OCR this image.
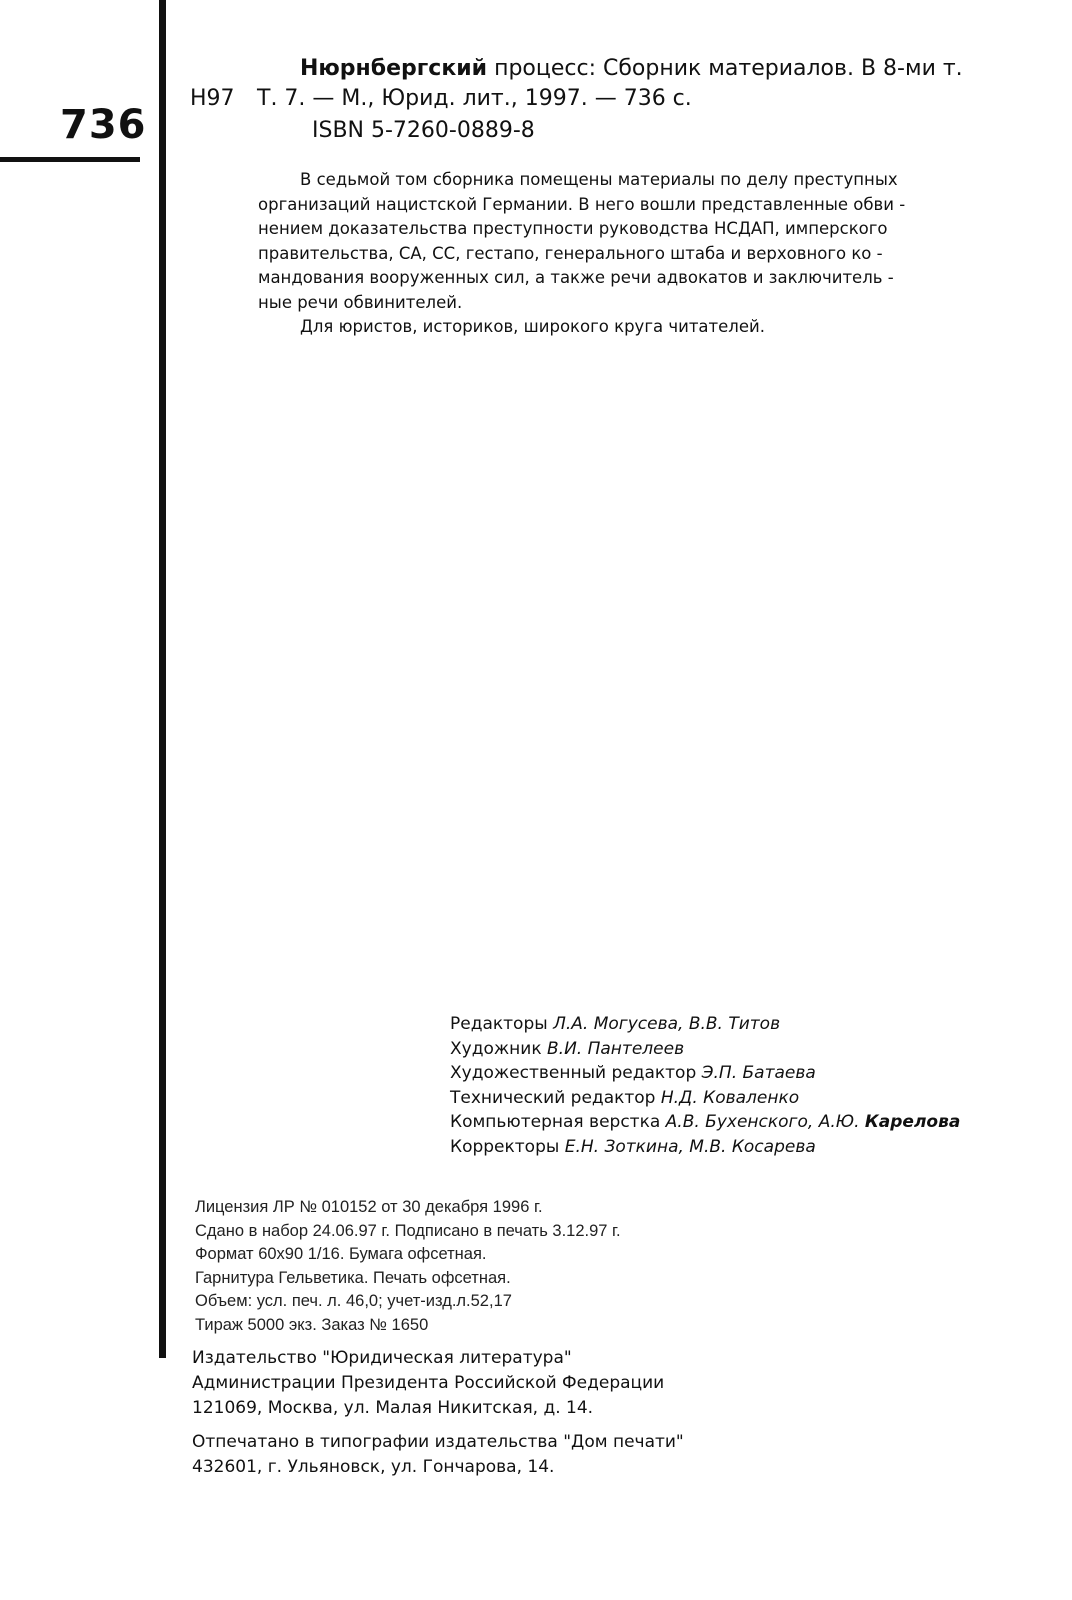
736
Н97
Нюрнбергский процесс: Сборник материалов. В 8-ми т.
Т. 7. — М., Юрид. лит., 1997. — 736 с.
ISBN 5-7260-0889-8
В седьмой том сборника помещены материалы по делу преступных
организаций нацистской Германии. В него вошли представленные обви -
нением доказательства преступности руководства НСДАП, имперского
правительства, СА, СС, гестапо, генерального штаба и верховного ко -
мандования вооруженных сил, а также речи адвокатов и заключитель -
ные речи обвинителей.
Для юристов, историков, широкого круга читателей.
Редакторы Л.А. Могусева, В.В. Титов
Художник В.И. Пантелеев
Художественный редактор Э.П. Батаева
Технический редактор Н.Д. Коваленко
Компьютерная верстка А.В. Бухенского, А.Ю. Карелова
Корректоры Е.Н. Зоткина, М.В. Косарева
Лицензия ЛР № 010152 от 30 декабря 1996 г.
Сдано в набор 24.06.97 г. Подписано в печать 3.12.97 г.
Формат 60x90 1/16. Бумага офсетная.
Гарнитура Гельветика. Печать офсетная.
Объем: усл. печ. л. 46,0; учет-изд.л.52,17
Тираж 5000 экз. Заказ № 1650
Издательство "Юридическая литература"
Администрации Президента Российской Федерации
121069, Москва, ул. Малая Никитская, д. 14.
Отпечатано в типографии издательства "Дом печати"
432601, г. Ульяновск, ул. Гончарова, 14.
